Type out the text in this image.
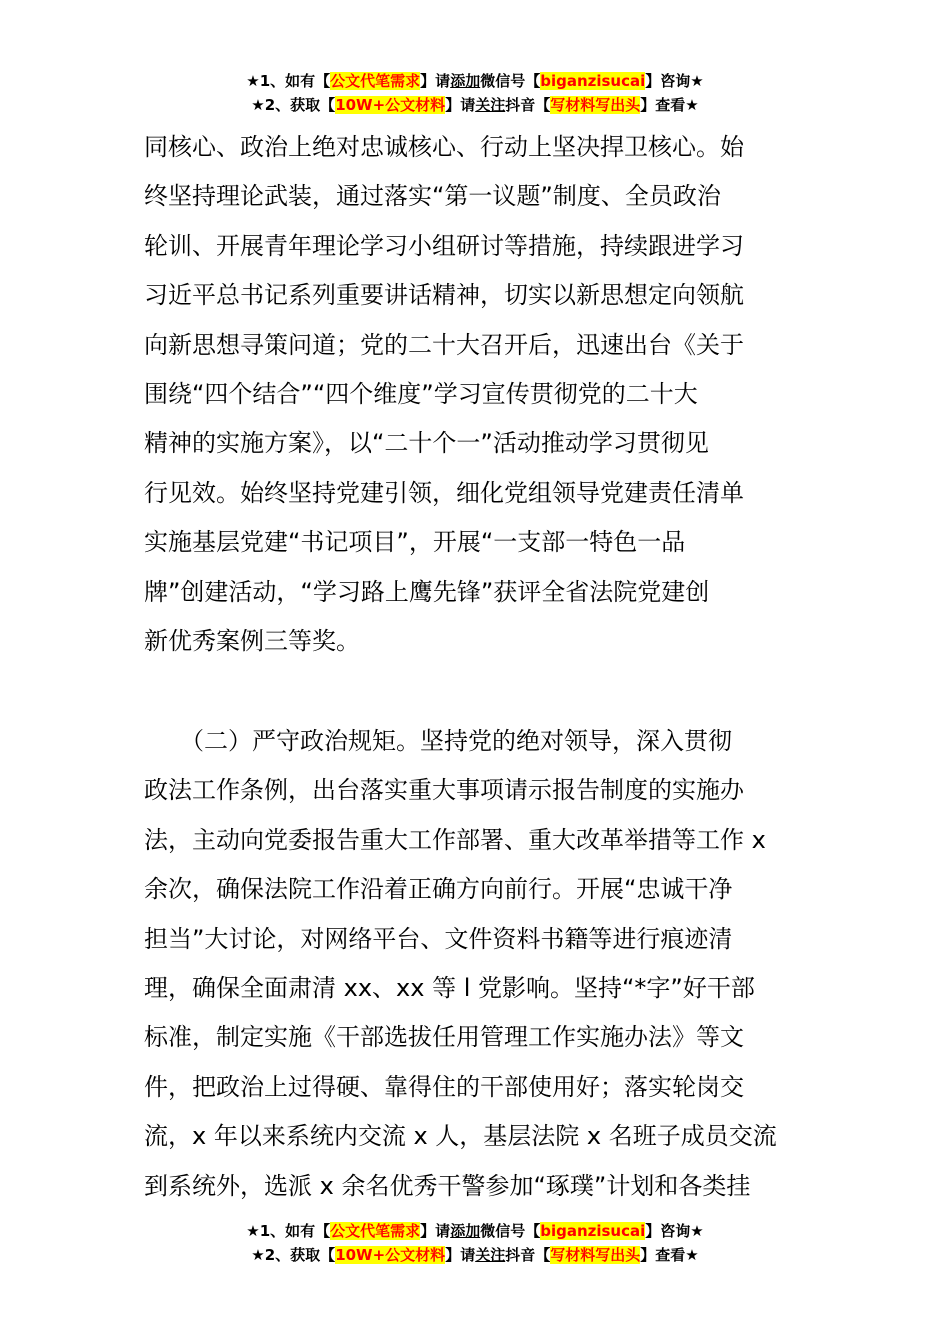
★1、如有【公文代笔需求】请添加微信号【biganzisucai】咨询★
★2、获取【10W+公文材料】请关注抖音【写材料写出头】查看★
同核心、政治上绝对忠诚核心、行动上坚决捍卫核心。始
终坚持理论武装，通过落实“第一议题”制度、全员政治
轮训、开展青年理论学习小组研讨等措施，持续跟进学习
习近平总书记系列重要讲话精神，切实以新思想定向领航
向新思想寻策问道；党的二十大召开后，迅速出台《关于
围绕“四个结合”“四个维度”学习宣传贯彻党的二十大
精神的实施方案》，以“二十个一”活动推动学习贯彻见
行见效。始终坚持党建引领，细化党组领导党建责任清单
实施基层党建“书记项目”，开展“一支部一特色一品
牌”创建活动，“学习路上鹰先锋”获评全省法院党建创
新优秀案例三等奖。
　　（二）严守政治规矩。坚持党的绝对领导，深入贯彻
政法工作条例，出台落实重大事项请示报告制度的实施办
法，主动向党委报告重大工作部署、重大改革举措等工作 x
余次，确保法院工作沿着正确方向前行。开展“忠诚干净
担当”大讨论，对网络平台、文件资料书籍等进行痕迹清
理，确保全面肃清 xx、xx 等 l 党影响。坚持“*字”好干部
标准，制定实施《干部选拔任用管理工作实施办法》等文
件，把政治上过得硬、靠得住的干部使用好；落实轮岗交
流，x 年以来系统内交流 x 人，基层法院 x 名班子成员交流
到系统外，选派 x 余名优秀干警参加“琢璞”计划和各类挂
★1、如有【公文代笔需求】请添加微信号【biganzisucai】咨询★
★2、获取【10W+公文材料】请关注抖音【写材料写出头】查看★
